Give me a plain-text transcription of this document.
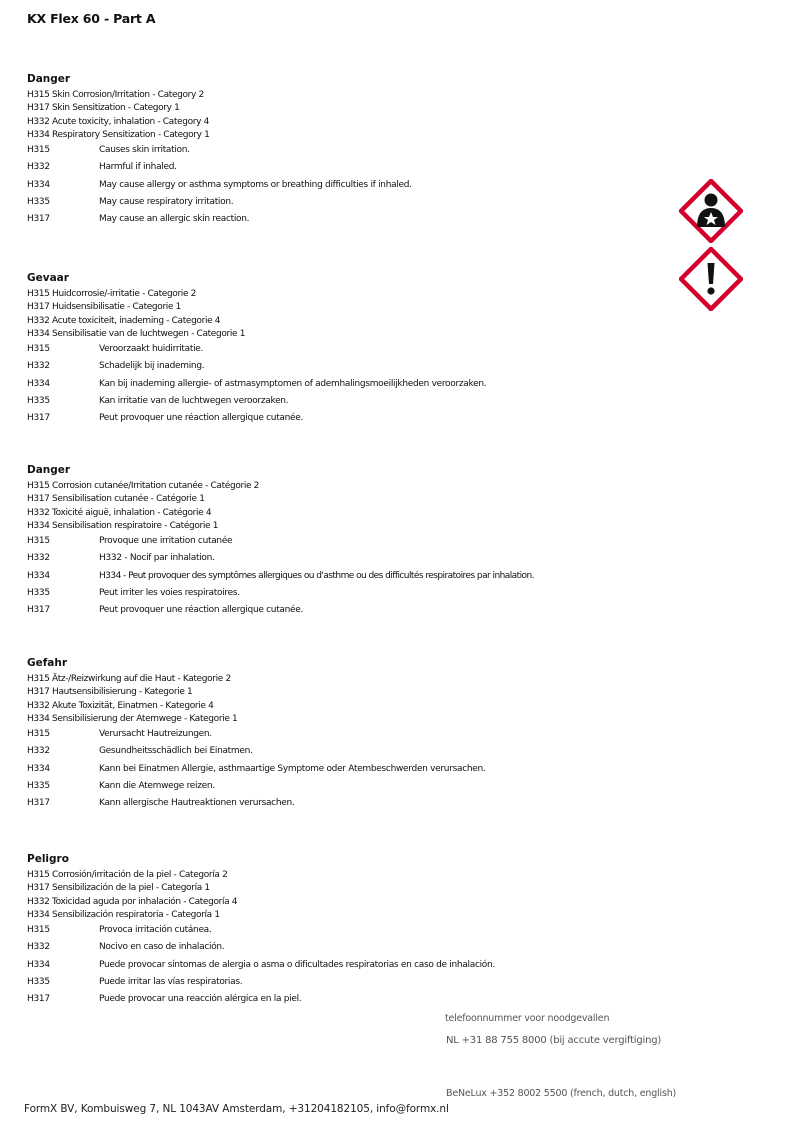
KX Flex 60 - Part A
Danger
H315 Skin Corrosion/Irritation - Category 2
H317 Skin Sensitization - Category 1
H332 Acute toxicity, inhalation - Category 4
H334 Respiratory Sensitization - Category 1
H315	Causes skin irritation.
H332	Harmful if inhaled.
H334	May cause allergy or asthma symptoms or breathing difficulties if inhaled.
H335	May cause respiratory irritation.
H317	May cause an allergic skin reaction.
Gevaar
H315 Huidcorrosie/-irritatie - Categorie 2
H317 Huidsensibilisatie - Categorie 1
H332 Acute toxiciteit, inademing - Categorie 4
H334 Sensibilisatie van de luchtwegen - Categorie 1
H315	Veroorzaakt huidirritatie.
H332	Schadelijk bij inademing.
H334	Kan bij inademing allergie- of astmasymptomen of ademhalingsmoeilijkheden veroorzaken.
H335	Kan irritatie van de luchtwegen veroorzaken.
H317	Peut provoquer une réaction allergique cutanée.
Danger
H315 Corrosion cutanée/Irritation cutanée - Catégorie 2
H317 Sensibilisation cutanée - Catégorie 1
H332 Toxicité aiguë, inhalation - Catégorie 4
H334 Sensibilisation respiratoire - Catégorie 1
H315	Provoque une irritation cutanée
H332	H332 - Nocif par inhalation.
H334	H334 - Peut provoquer des symptômes allergiques ou d'asthme ou des difficultés respiratoires par inhalation.
H335	Peut irriter les voies respiratoires.
H317	Peut provoquer une réaction allergique cutanée.
Gefahr
H315 Ätz-/Reizwirkung auf die Haut - Kategorie 2
H317 Hautsensibilisierung - Kategorie 1
H332 Akute Toxizität, Einatmen - Kategorie 4
H334 Sensibilisierung der Atemwege - Kategorie 1
H315	Verursacht Hautreizungen.
H332	Gesundheitsschädlich bei Einatmen.
H334	Kann bei Einatmen Allergie, asthmaartige Symptome oder Atembeschwerden verursachen.
H335	Kann die Atemwege reizen.
H317	Kann allergische Hautreaktionen verursachen.
Peligro
H315 Corrosión/irritación de la piel - Categoría 2
H317 Sensibilización de la piel - Categoría 1
H332 Toxicidad aguda por inhalación - Categoría 4
H334 Sensibilización respiratoria - Categoría 1
H315	Provoca irritación cutánea.
H332	Nocivo en caso de inhalación.
H334	Puede provocar síntomas de alergia o asma o dificultades respiratorias en caso de inhalación.
H335	Puede irritar las vías respiratorias.
H317	Puede provocar una reacción alérgica en la piel.
telefoonnummer voor noodgevallen
NL +31 88 755 8000 (bij accute vergiftiging)
BeNeLux +352 8002 5500 (french, dutch, english)
FormX BV, Kombuisweg 7, NL 1043AV Amsterdam, +31204182105, info@formx.nl
